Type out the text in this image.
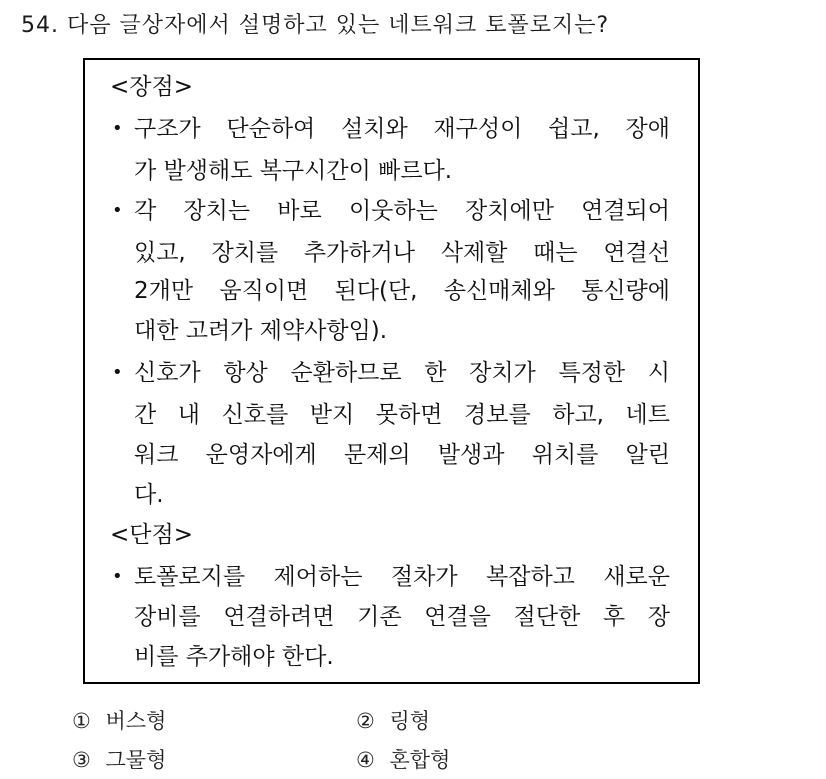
54. 다음 글상자에서 설명하고 있는 네트워크 토폴로지는?
<장점>
• 구조가 단순하여 설치와 재구성이 쉽고, 장애
가 발생해도 복구시간이 빠르다.
• 각 장치는 바로 이웃하는 장치에만 연결되어
있고, 장치를 추가하거나 삭제할 때는 연결선
2개만 움직이면 된다(단, 송신매체와 통신량에
대한 고려가 제약사항임).
• 신호가 항상 순환하므로 한 장치가 특정한 시
간 내 신호를 받지 못하면 경보를 하고, 네트
워크 운영자에게 문제의 발생과 위치를 알린
다.
<단점>
• 토폴로지를 제어하는 절차가 복잡하고 새로운
장비를 연결하려면 기존 연결을 절단한 후 장
비를 추가해야 한다.
① 버스형	② 링형
③ 그물형	④ 혼합형
